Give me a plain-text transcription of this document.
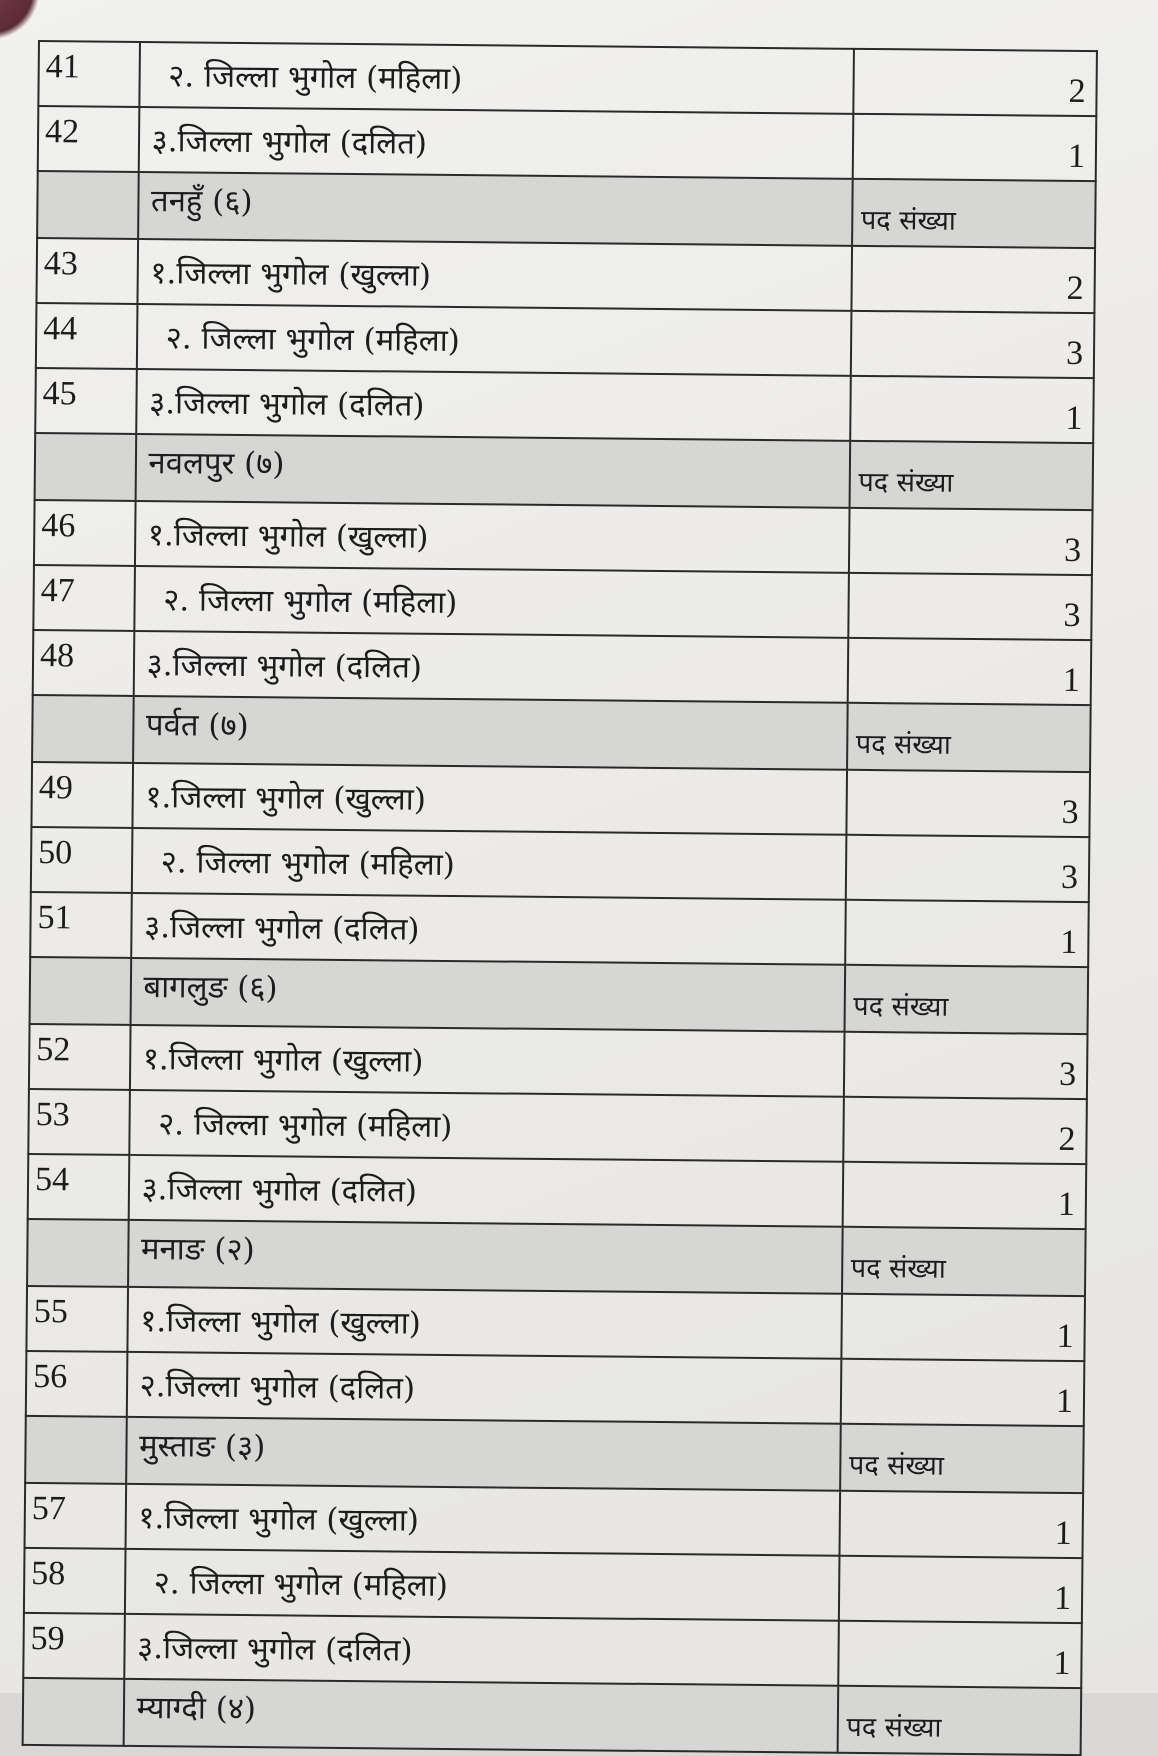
41	२. जिल्ला भुगोल (महिला)	2
42	३.जिल्ला भुगोल (दलित)	1
	तनहुँ (६)	पद संख्या
43	१.जिल्ला भुगोल (खुल्ला)	2
44	२. जिल्ला भुगोल (महिला)	3
45	३.जिल्ला भुगोल (दलित)	1
	नवलपुर (७)	पद संख्या
46	१.जिल्ला भुगोल (खुल्ला)	3
47	२. जिल्ला भुगोल (महिला)	3
48	३.जिल्ला भुगोल (दलित)	1
	पर्वत (७)	पद संख्या
49	१.जिल्ला भुगोल (खुल्ला)	3
50	२. जिल्ला भुगोल (महिला)	3
51	३.जिल्ला भुगोल (दलित)	1
	बागलुङ (६)	पद संख्या
52	१.जिल्ला भुगोल (खुल्ला)	3
53	२. जिल्ला भुगोल (महिला)	2
54	३.जिल्ला भुगोल (दलित)	1
	मनाङ (२)	पद संख्या
55	१.जिल्ला भुगोल (खुल्ला)	1
56	२.जिल्ला भुगोल (दलित)	1
	मुस्ताङ (३)	पद संख्या
57	१.जिल्ला भुगोल (खुल्ला)	1
58	२. जिल्ला भुगोल (महिला)	1
59	३.जिल्ला भुगोल (दलित)	1
	म्याग्दी (४)	पद संख्या
